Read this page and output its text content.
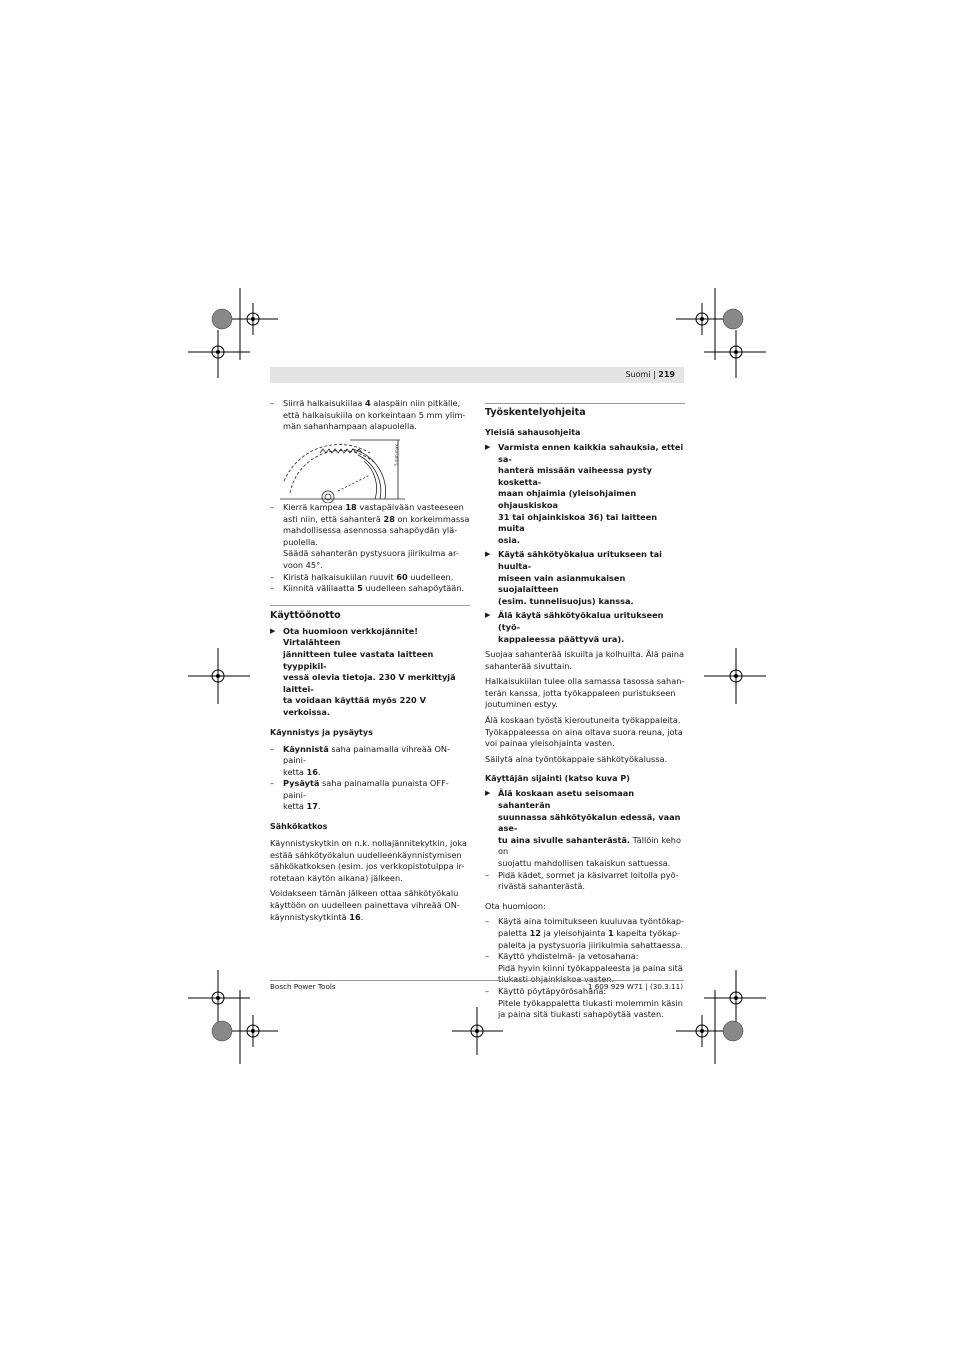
Suomi | 219

– Siirrä halkaisukiilaa 4 alaspäin niin pitkälle,

että halkaisukiila on korkeintaan 5 mm ylim-

män sahanhampaan alapuolella.

5 mm max.

– Kierrä kampea 18 vastapäivään vasteeseen

asti niin, että sahanterä 28 on korkeimmassa

mahdollisessa asennossa sahapöydän ylä-

puolella.

Säädä sahanterän pystysuora jiirikulma ar-

voon 45°.

– Kiristä halkaisukiilan ruuvit 60 uudelleen.

– Kiinnitä välilaatta 5 uudelleen sahapöytään.

Käyttöönotto

▶ Ota huomioon verkkojännite! Virtalähteen

jännitteen tulee vastata laitteen tyyppikil-

vessä olevia tietoja. 230 V merkittyjä laittei-

ta voidaan käyttää myös 220 V verkoissa.

Käynnistys ja pysäytys

– Käynnistä saha painamalla vihreää ON-paini-

ketta 16.

– Pysäytä saha painamalla punaista OFF-paini-

ketta 17.

Sähkökatkos

Käynnistyskytkin on n.k. nollajännitekytkin, joka

estää sähkötyökalun uudelleenkäynnistymisen

sähkökatkoksen (esim. jos verkkopistotulppa ir-

rotetaan käytön aikana) jälkeen.

Voidakseen tämän jälkeen ottaa sähkötyökalu

käyttöön on uudelleen painettava vihreää ON-

käynnistyskytkintä 16.

Työskentelyohjeita
Yleisiä sahausohjeita

▶ Varmista ennen kaikkia sahauksia, ettei sa-

hanterä missään vaiheessa pysty kosketta-

maan ohjaimia (yleisohjaimen ohjauskiskoa

31 tai ohjainkiskoa 36) tai laitteen muita

osia.

▶ Käytä sähkötyökalua uritukseen tai huulta-

miseen vain asianmukaisen suojalaitteen

(esim. tunnelisuojus) kanssa.

▶ Älä käytä sähkötyökalua uritukseen (työ-

kappaleessa päättyvä ura).

Suojaa sahanterää iskuilta ja kolhuilta. Älä paina

sahanterää sivuttain.

Halkaisukiilan tulee olla samassa tasossa sahan-

terän kanssa, jotta työkappaleen puristukseen

joutuminen estyy.

Älä koskaan työstä kieroutuneita työkappaleita.

Työkappaleessa on aina oltava suora reuna, jota

voi painaa yleisohjainta vasten.

Säilytä aina työntökappale sähkötyökalussa.

Käyttäjän sijainti (katso kuva P)

▶ Älä koskaan asetu seisomaan sahanterän

suunnassa sähkötyökalun edessä, vaan ase-

tu aina sivulle sahanterästä. Tällöin keho on

suojattu mahdollisen takaiskun sattuessa.

– Pidä kädet, sormet ja käsivarret loitolla pyö-

rivästä sahanterästä.

Ota huomioon:

– Käytä aina toimitukseen kuuluvaa työntökap-

paletta 12 ja yleisohjainta 1 kapeita työkap-

paleita ja pystysuoria jiirikulmia sahattaessa.

– Käyttö yhdistelmä- ja vetosahana:

Pidä hyvin kiinni työkappaleesta ja paina sitä

tiukasti ohjainkiskoa vasten.

– Käyttö pöytäpyörösahana:

Pitele työkappaletta tiukasti molemmin käsin

ja paina sitä tiukasti sahapöytää vasten.

Bosch Power Tools	1 609 929 W71 | (30.3.11)
